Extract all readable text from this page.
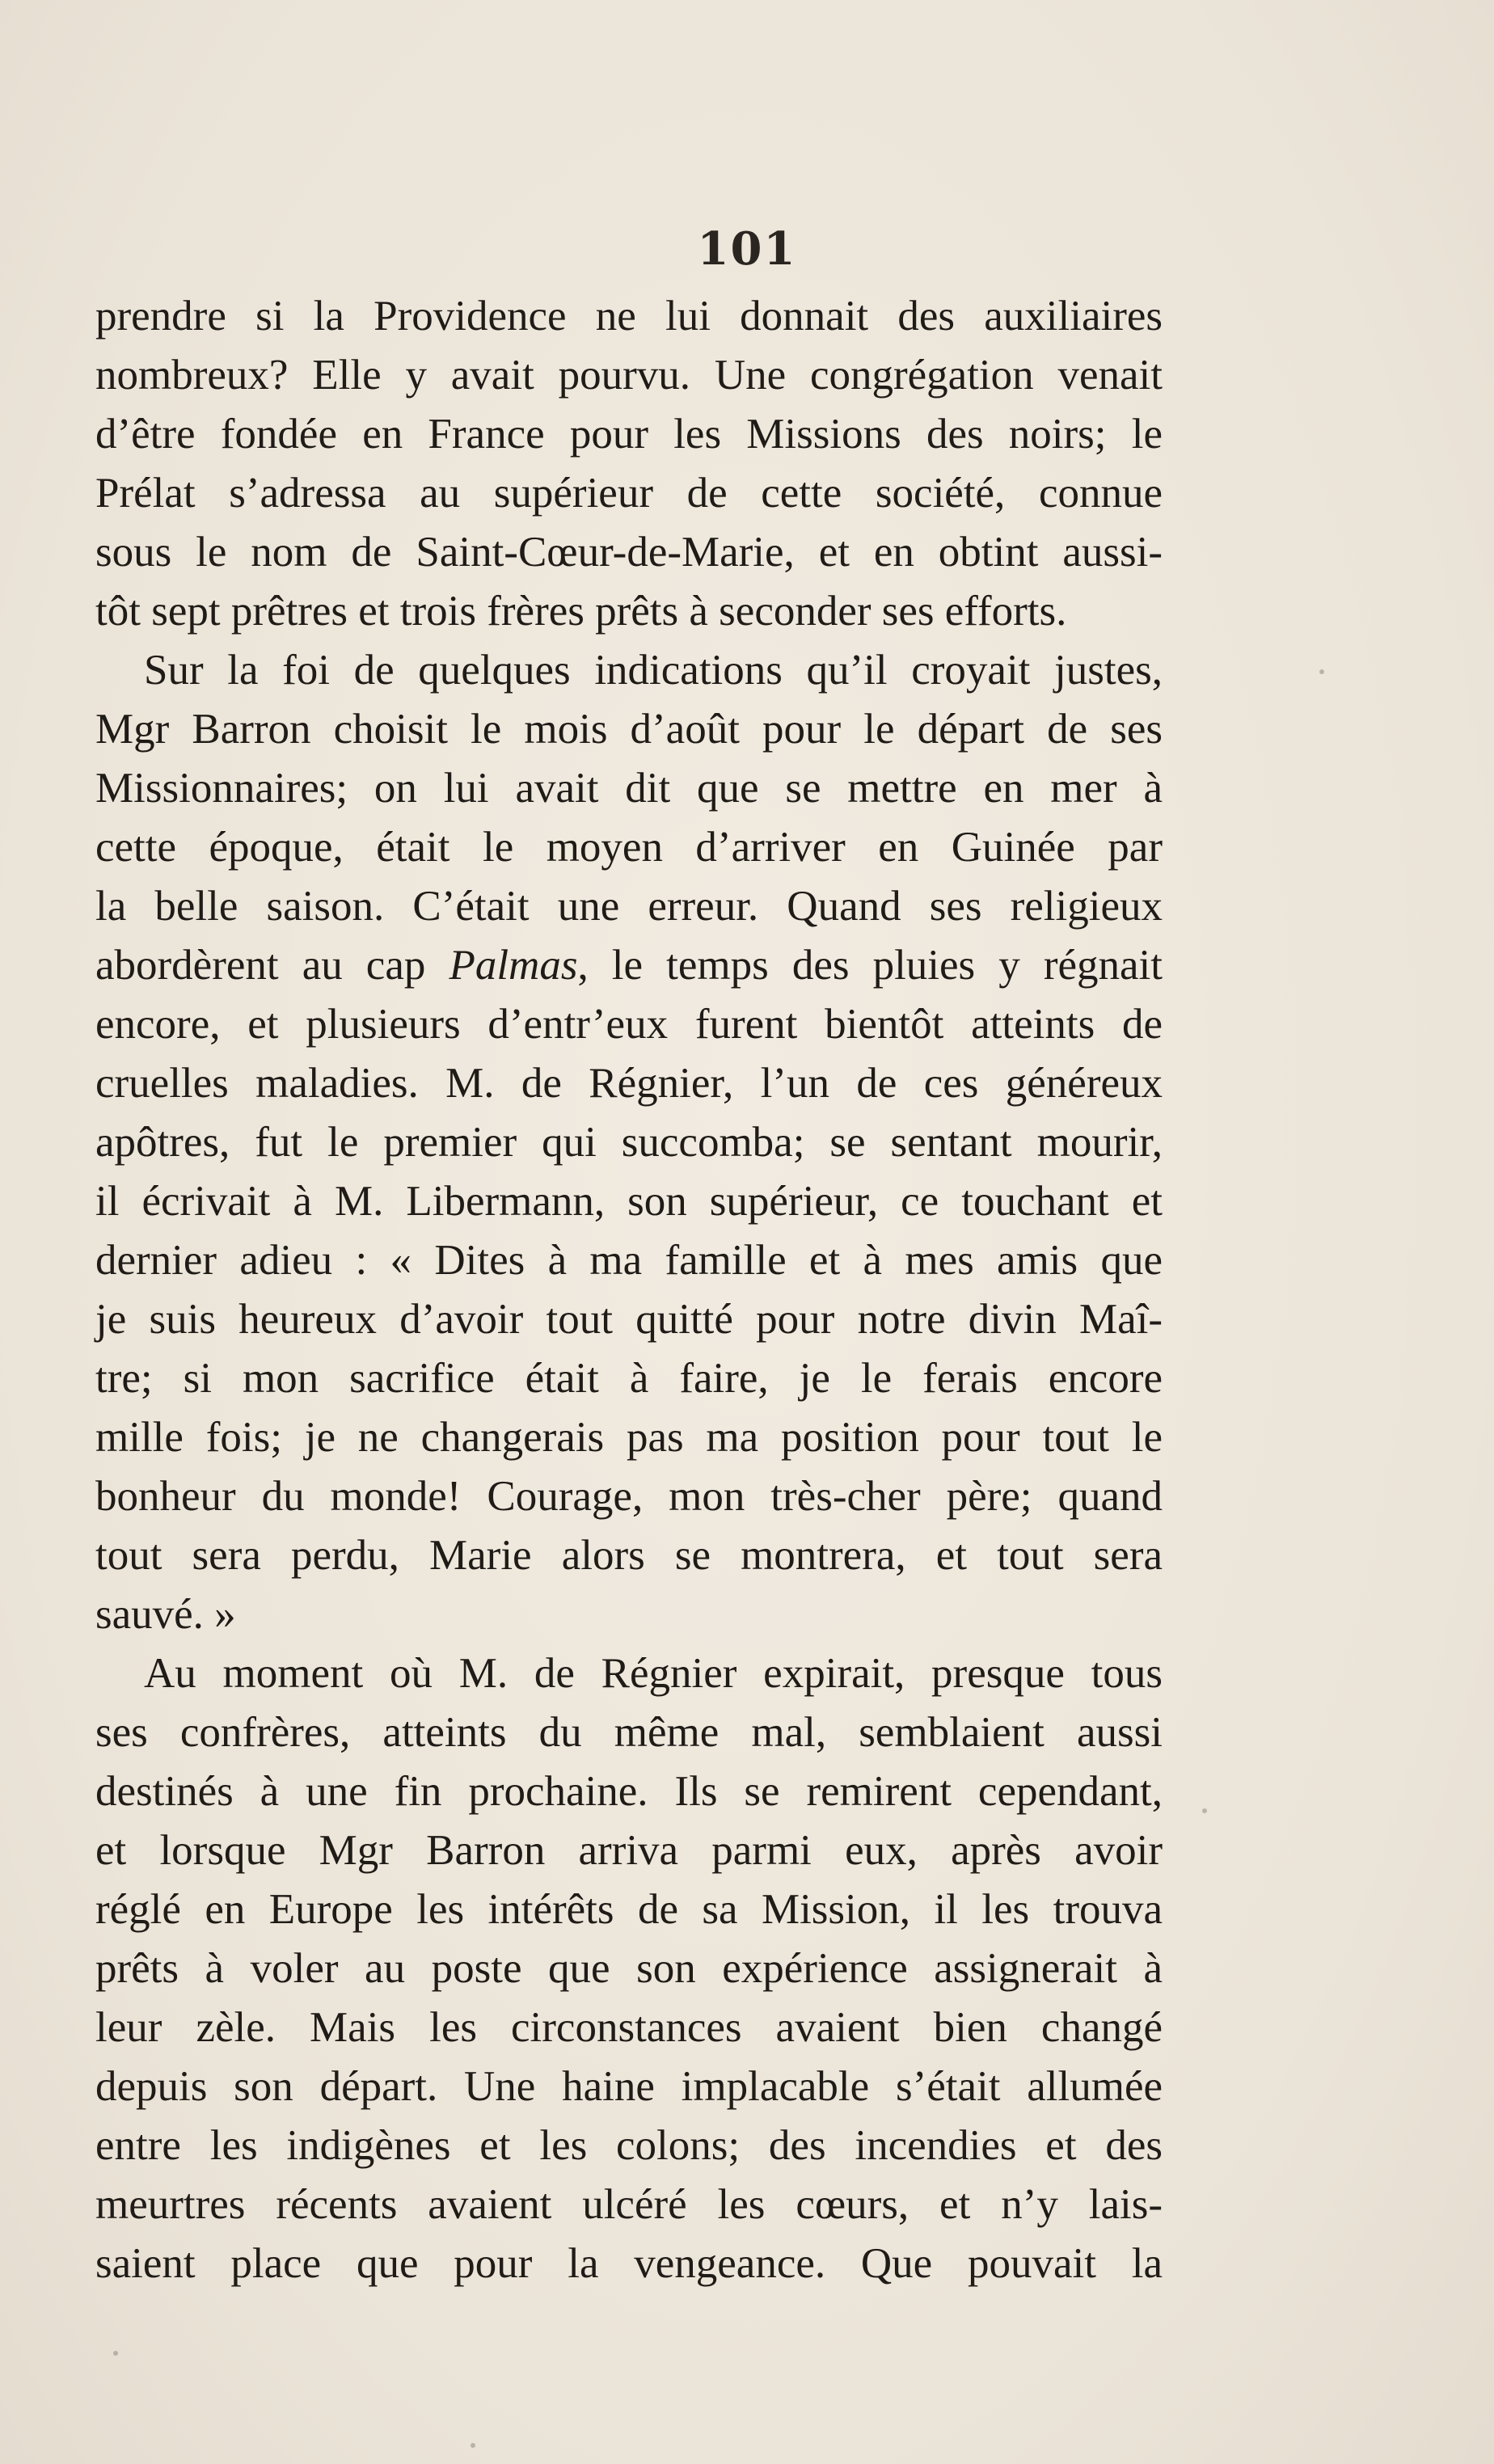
101
prendre si la Providence ne lui donnait des auxiliaires
nombreux? Elle y avait pourvu. Une congrégation venait
d’être fondée en France pour les Missions des noirs; le
Prélat s’adressa au supérieur de cette société, connue
sous le nom de Saint-Cœur-de-Marie, et en obtint aussi-
tôt sept prêtres et trois frères prêts à seconder ses efforts.
Sur la foi de quelques indications qu’il croyait justes,
Mgr Barron choisit le mois d’août pour le départ de ses
Missionnaires; on lui avait dit que se mettre en mer à
cette époque, était le moyen d’arriver en Guinée par
la belle saison. C’était une erreur. Quand ses religieux
abordèrent au cap Palmas, le temps des pluies y régnait
encore, et plusieurs d’entr’eux furent bientôt atteints de
cruelles maladies. M. de Régnier, l’un de ces généreux
apôtres, fut le premier qui succomba; se sentant mourir,
il écrivait à M. Libermann, son supérieur, ce touchant et
dernier adieu : « Dites à ma famille et à mes amis que
je suis heureux d’avoir tout quitté pour notre divin Maî-
tre; si mon sacrifice était à faire, je le ferais encore
mille fois; je ne changerais pas ma position pour tout le
bonheur du monde! Courage, mon très-cher père; quand
tout sera perdu, Marie alors se montrera, et tout sera
sauvé. »
Au moment où M. de Régnier expirait, presque tous
ses confrères, atteints du même mal, semblaient aussi
destinés à une fin prochaine. Ils se remirent cependant,
et lorsque Mgr Barron arriva parmi eux, après avoir
réglé en Europe les intérêts de sa Mission, il les trouva
prêts à voler au poste que son expérience assignerait à
leur zèle. Mais les circonstances avaient bien changé
depuis son départ. Une haine implacable s’était allumée
entre les indigènes et les colons; des incendies et des
meurtres récents avaient ulcéré les cœurs, et n’y lais-
saient place que pour la vengeance. Que pouvait la
